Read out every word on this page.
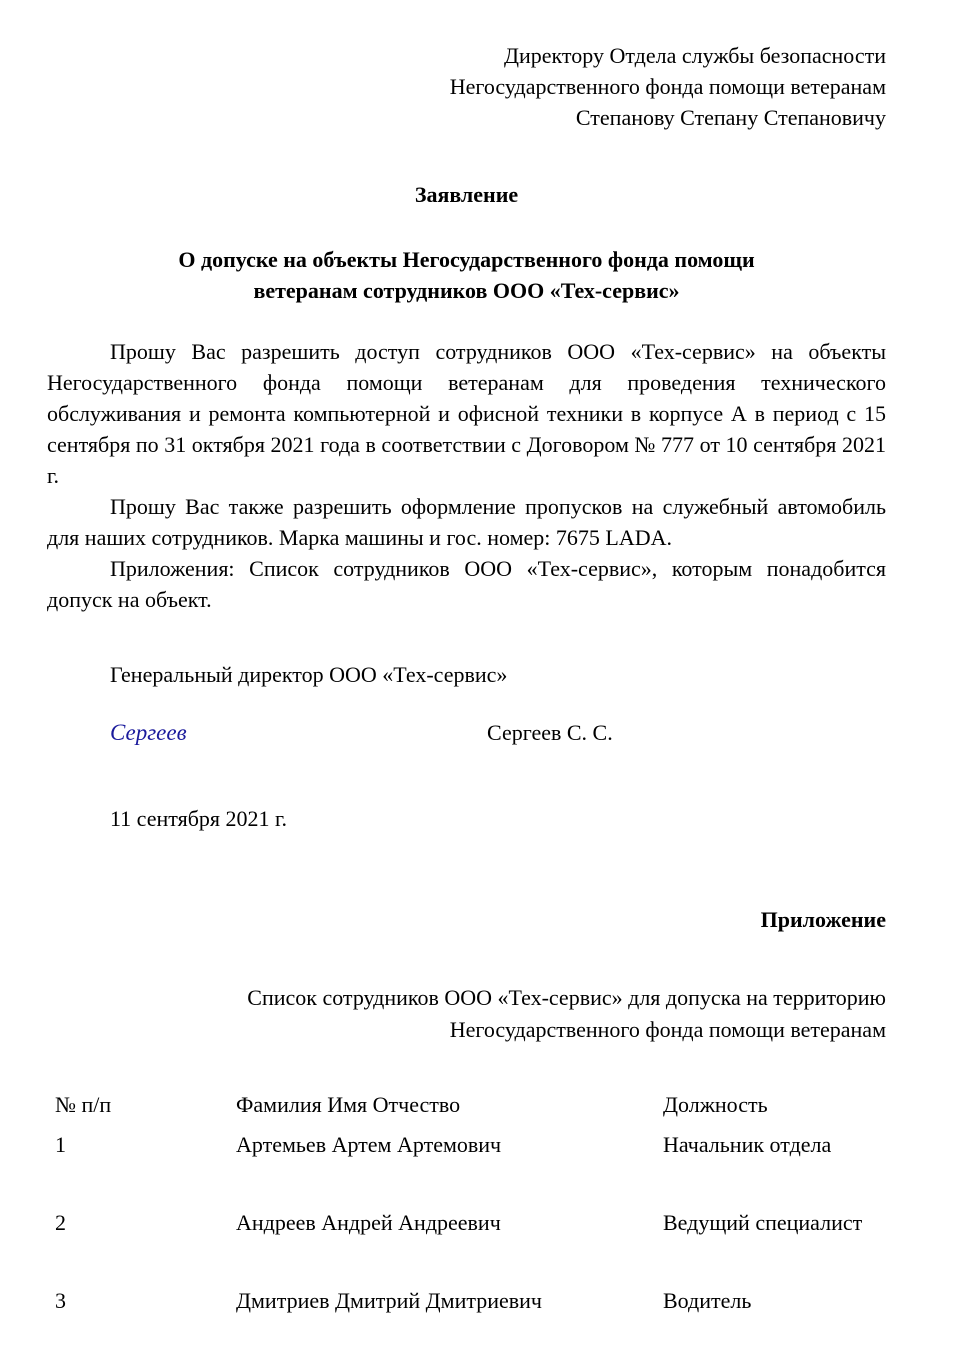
Директору Отдела службы безопасности
Негосударственного фонда помощи ветеранам
Степанову Степану Степановичу
Заявление
О допуске на объекты Негосударственного фонда помощи ветеранам сотрудников ООО «Тех-сервис»

Прошу Вас разрешить доступ сотрудников ООО «Тех-сервис» на объекты Негосударственного фонда помощи ветеранам для проведения технического обслуживания и ремонта компьютерной и офисной техники в корпусе А в период с 15 сентября по 31 октября 2021 года в соответствии с Договором № 777 от 10 сентября 2021 г.

Прошу Вас также разрешить оформление пропусков на служебный автомобиль для наших сотрудников. Марка машины и гос. номер: 7675 LADA.

Приложения: Список сотрудников ООО «Тех-сервис», которым понадобится допуск на объект.

Генеральный директор ООО «Тех-сервис»
Сергеев	Сергеев С. С.
11 сентября 2021 г.
Приложение
Список сотрудников ООО «Тех-сервис» для допуска на территорию
Негосударственного фонда помощи ветеранам
№ п/п	Фамилия Имя Отчество	Должность
1	Артемьев Артем Артемович	Начальник отдела
2	Андреев Андрей Андреевич	Ведущий специалист
3	Дмитриев Дмитрий Дмитриевич	Водитель
